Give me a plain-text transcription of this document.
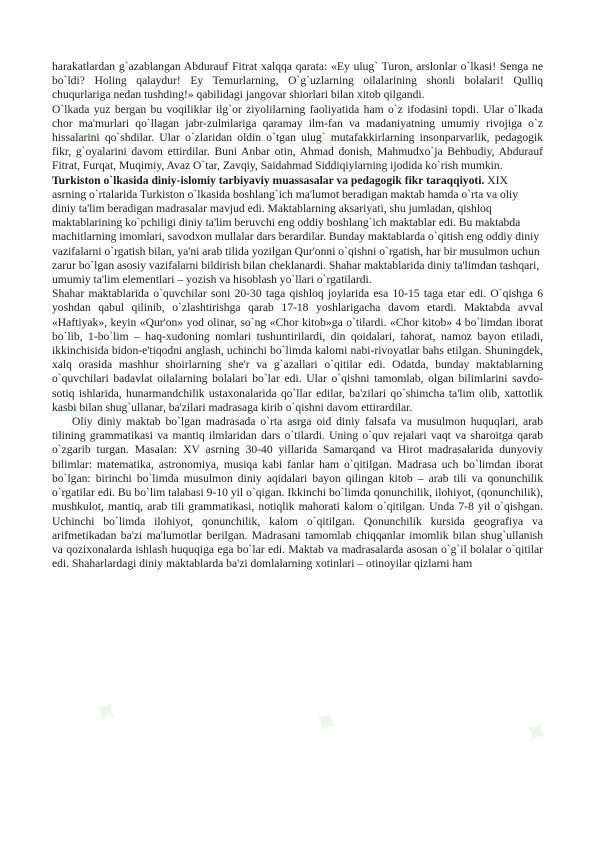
✦	✦
✦	✦	✦
✦	✦	✦

harakatlardan g`azablangan Abdurauf Fitrat xalqqa qarata: «Ey ulug` Turon, arslonlar o`lkasi! Senga ne bo`ldi? Holing qalaydur! Ey Temurlarning, O`g`uzlarning oilalarining shonli bolalari! Qulliq chuqurlariga nedan tushding!» qabilidagi jangovar shiorlari bilan xitob qilgandi.

O`lkada yuz bergan bu voqiliklar ilg`or ziyolilarning faoliyatida ham o`z ifodasini topdi. Ular o`lkada chor ma'murlari qo`llagan jabr-zulmlariga qaramay ilm-fan va madaniyatning umumiy rivojiga o`z hissalarini qo`shdilar. Ular o`zlaridan oldin o`tgan ulug` mutafakkirlarning insonparvarlik, pedagogik fikr, g`oyalarini davom ettirdilar. Buni Anbar otin, Ahmad donish, Mahmudxo`ja Behbudiy, Abdurauf Fitrat, Furqat, Muqimiy, Avaz O`tar, Zavqiy, Saidahmad Siddiqiylarning ijodida ko`rish mumkin.

Turkiston o`lkasida diniy-islomiy tarbiyaviy muassasalar va pedagogik fikr taraqqiyoti. XIX asrning o`rtalarida Turkiston o`lkasida boshlang`ich ma'lumot beradigan maktab hamda o`rta va oliy diniy ta'lim beradigan madrasalar mavjud edi. Maktablarning aksariyati, shu jumladan, qishloq maktablarining ko`pchiligi diniy ta'lim beruvchi eng oddiy boshlang`ich maktablar edi. Bu maktabda machitlarning imomlari, savodxon mullalar dars berardilar. Bunday maktablarda o`qitish eng oddiy diniy vazifalarni o`rgatish bilan, ya'ni arab tilida yozilgan Qur'onni o`qishni o`rgatish, har bir musulmon uchun zarur bo`lgan asosiy vazifalarni bildirish bilan cheklanardi. Shahar maktablarida diniy ta'limdan tashqari, umumiy ta'lim elementlari – yozish va hisoblash yo`llari o`rgatilardi.

Shahar maktablarida o`quvchilar soni 20-30 taga qishloq joylarida esa 10-15 taga etar edi. O`qishga 6 yoshdan qabul qilinib, o`zlashtirishga qarab 17-18 yoshlarigacha davom etardi. Maktabda avval «Haftiyak», keyin «Qur'on» yod olinar, so`ng «Chor kitob»ga o`tilardi. «Chor kitob» 4 bo`limdan iborat bo`lib, 1-bo`lim – haq-xudoning nomlari tushuntirilardi, din qoidalari, tahorat, namoz bayon etiladi, ikkinchisida bidon-e'tiqodni anglash, uchinchi bo`limda kalomi nabi-rivoyatlar bahs etilgan. Shuningdek, xalq orasida mashhur shoirlarning she'r va g`azallari o`qitilar edi. Odatda, bunday maktablarning o`quvchilari badavlat oilalarning bolalari bo`lar edi. Ular o`qishni tamomlab, olgan bilimlarini savdo-sotiq ishlarida, hunarmandchilik ustaxonalarida qo`llar edilar, ba'zilari qo`shimcha ta'lim olib, xattotlik kasbi bilan shug`ullanar, ba'zilari madrasaga kirib o`qishni davom ettirardilar.

Oliy diniy maktab bo`lgan madrasada o`rta asrga oid diniy falsafa va musulmon huquqlari, arab tilining grammatikasi va mantiq ilmlaridan dars o`tilardi. Uning o`quv rejalari vaqt va sharoitga qarab o`zgarib turgan. Masalan: XV asrning 30-40 yillarida Samarqand va Hirot madrasalarida dunyoviy bilimlar: matematika, astronomiya, musiqa kabi fanlar ham o`qitilgan. Madrasa uch bo`limdan iborat bo`lgan: birinchi bo`limda musulmon diniy aqidalari bayon qilingan kitob – arab tili va qonunchilik o`rgatilar edi. Bu bo`lim talabasi 9-10 yil o`qigan. Ikkinchi bo`limda qonunchilik, ilohiyot, (qonunchilik), mushkulot, mantiq, arab tili grammatikasi, notiqlik mahorati kalom o`qitilgan. Unda 7-8 yil o`qishgan. Uchinchi bo`limda ilohiyot, qonunchilik, kalom o`qitilgan. Qonunchilik kursida geografiya va arifmetikadan ba'zi ma'lumotlar berilgan. Madrasani tamomlab chiqqanlar imomlik bilan shug`ullanish va qozixonalarda ishlash huquqiga ega bo`lar edi. Maktab va madrasalarda asosan o`g`il bolalar o`qitilar edi. Shaharlardagi diniy maktablarda ba'zi domlalarning xotinlari – otinoyilar qizlarni ham
